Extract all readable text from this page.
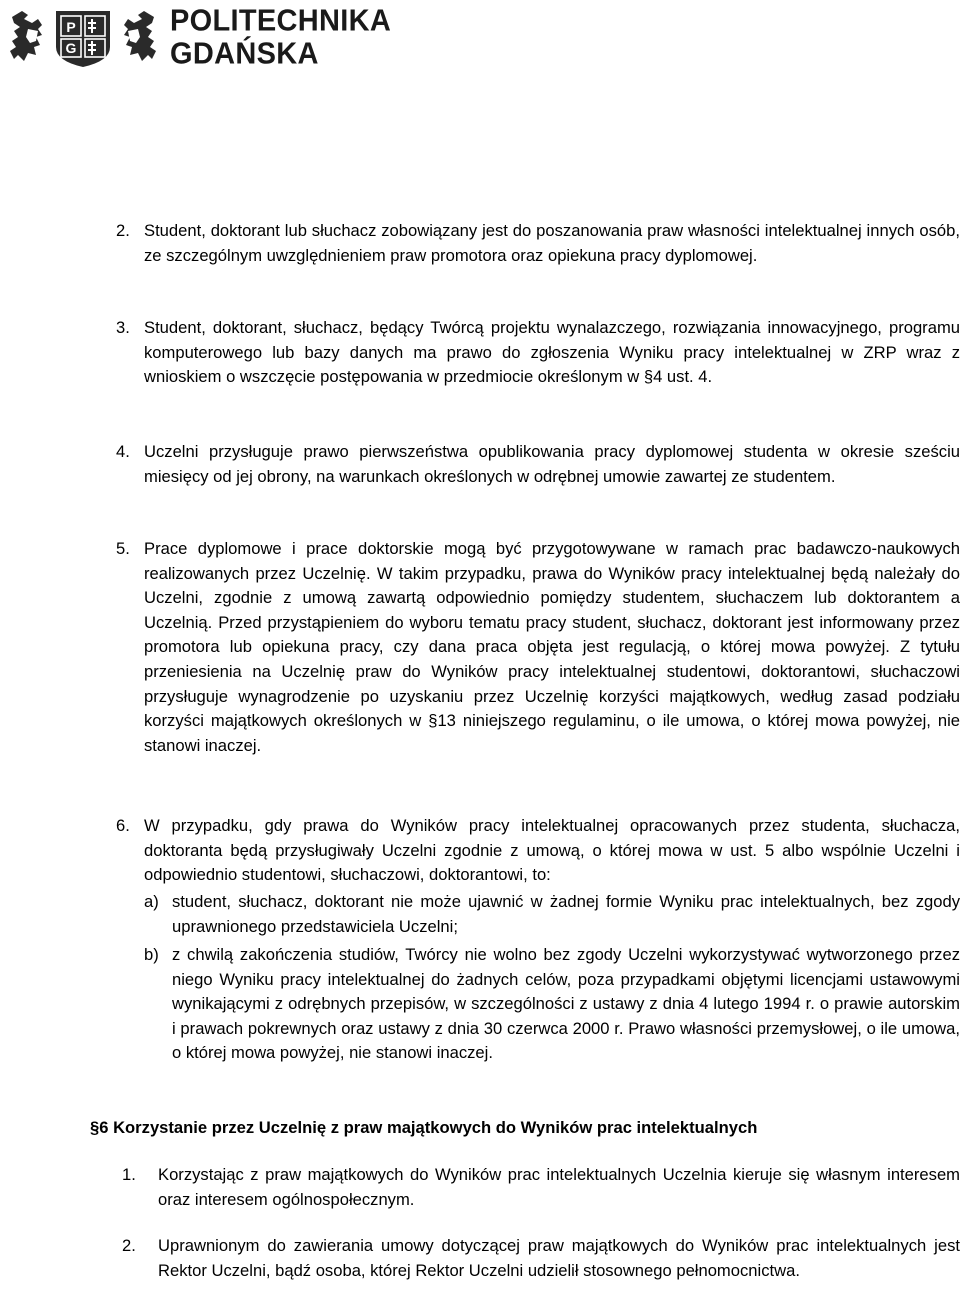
P
G
POLITECHNIKA
GDAŃSKA
2. Student, doktorant lub słuchacz zobowiązany jest do poszanowania praw własności intelektualnej innych osób, ze szczególnym uwzględnieniem praw promotora oraz opiekuna pracy dyplomowej.
3. Student, doktorant, słuchacz, będący Twórcą projektu wynalazczego, rozwiązania innowacyjnego, programu komputerowego lub bazy danych ma prawo do zgłoszenia Wyniku pracy intelektualnej w ZRP wraz z wnioskiem o wszczęcie postępowania w przedmiocie określonym w §4 ust. 4.
4. Uczelni przysługuje prawo pierwszeństwa opublikowania pracy dyplomowej studenta w okresie sześciu miesięcy od jej obrony, na warunkach określonych w odrębnej umowie zawartej ze studentem.
5. Prace dyplomowe i prace doktorskie mogą być przygotowywane w ramach prac badawczo-naukowych realizowanych przez Uczelnię. W takim przypadku, prawa do Wyników pracy intelektualnej będą należały do Uczelni, zgodnie z umową zawartą odpowiednio pomiędzy studentem, słuchaczem lub doktorantem a Uczelnią. Przed przystąpieniem do wyboru tematu pracy student, słuchacz, doktorant jest informowany przez promotora lub opiekuna pracy, czy dana praca objęta jest regulacją, o której mowa powyżej. Z tytułu przeniesienia na Uczelnię praw do Wyników pracy intelektualnej studentowi, doktorantowi, słuchaczowi przysługuje wynagrodzenie po uzyskaniu przez Uczelnię korzyści majątkowych, według zasad podziału korzyści majątkowych określonych w §13 niniejszego regulaminu, o ile umowa, o której mowa powyżej, nie stanowi inaczej.
6. W przypadku, gdy prawa do Wyników pracy intelektualnej opracowanych przez studenta, słuchacza, doktoranta będą przysługiwały Uczelni zgodnie z umową, o której mowa w ust. 5 albo wspólnie Uczelni i odpowiednio studentowi, słuchaczowi, doktorantowi, to:
a) student, słuchacz, doktorant nie może ujawnić w żadnej formie Wyniku prac intelektualnych, bez zgody uprawnionego przedstawiciela Uczelni;
b) z chwilą zakończenia studiów, Twórcy nie wolno bez zgody Uczelni wykorzystywać wytworzonego przez niego Wyniku pracy intelektualnej do żadnych celów, poza przypadkami objętymi licencjami ustawowymi wynikającymi z odrębnych przepisów, w szczególności z ustawy z dnia 4 lutego 1994 r. o prawie autorskim i prawach pokrewnych oraz ustawy z dnia 30 czerwca 2000 r. Prawo własności przemysłowej, o ile umowa, o której mowa powyżej, nie stanowi inaczej.
§6 Korzystanie przez Uczelnię z praw majątkowych do Wyników prac intelektualnych
1.	Korzystając z praw majątkowych do Wyników prac intelektualnych Uczelnia kieruje się własnym interesem oraz interesem ogólnospołecznym.
2.	Uprawnionym do zawierania umowy dotyczącej praw majątkowych do Wyników prac intelektualnych jest Rektor Uczelni, bądź osoba, której Rektor Uczelni udzielił stosownego pełnomocnictwa.
